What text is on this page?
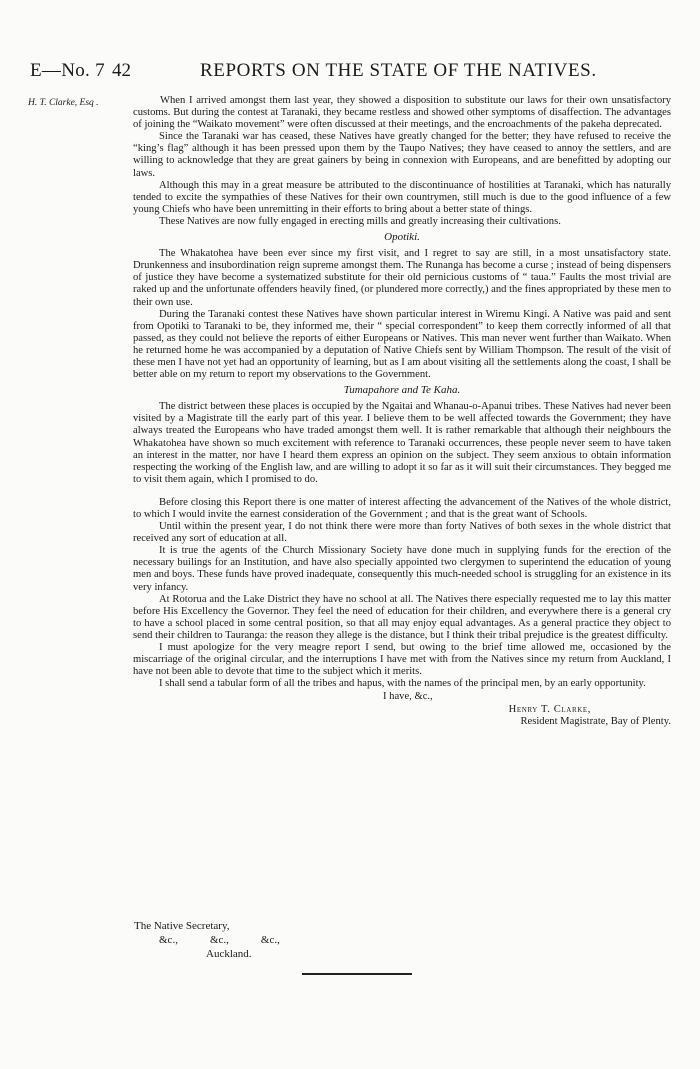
E—No. 7 42	REPORTS ON THE STATE OF THE NATIVES.
H. T. Clarke, Esq .	When I arrived amongst them last year, they showed a disposition to substitute our laws for their own unsatisfactory customs. But during the contest at Taranaki, they became restless and showed other symptoms of disaffection. The advantages of joining the “Waikato movement” were often discussed at their meetings, and the encroachments of the pakeha deprecated.

Since the Taranaki war has ceased, these Natives have greatly changed for the better; they have refused to receive the “king’s flag” although it has been pressed upon them by the Taupo Natives; they have ceased to annoy the settlers, and are willing to acknowledge that they are great gainers by being in connexion with Europeans, and are benefitted by adopting our laws.

Although this may in a great measure be attributed to the discontinuance of hostilities at Taranaki, which has naturally tended to excite the sympathies of these Natives for their own countrymen, still much is due to the good influence of a few young Chiefs who have been unremitting in their efforts to bring about a better state of things.

These Natives are now fully engaged in erecting mills and greatly increasing their cultivations.

Opotiki.

The Whakatohea have been ever since my first visit, and I regret to say are still, in a most unsatisfactory state. Drunkenness and insubordination reign supreme amongst them. The Runanga has become a curse ; instead of being dispensers of justice they have become a systematized substitute for their old pernicious customs of “ taua.” Faults the most trivial are raked up and the unfortunate offenders heavily fined, (or plundered more correctly,) and the fines appropriated by these men to their own use.

During the Taranaki contest these Natives have shown particular interest in Wiremu Kingi. A Native was paid and sent from Opotiki to Taranaki to be, they informed me, their “ special correspondent” to keep them correctly informed of all that passed, as they could not believe the reports of either Europeans or Natives. This man never went further than Waikato. When he returned home he was accompanied by a deputation of Native Chiefs sent by William Thompson. The result of the visit of these men I have not yet had an opportunity of learning, but as I am about visiting all the settlements along the coast, I shall be better able on my return to report my observations to the Government.

Tumapahore and Te Kaha.

The district between these places is occupied by the Ngaitai and Whanau-o-Apanui tribes. These Natives had never been visited by a Magistrate till the early part of this year. I believe them to be well affected towards the Government; they have always treated the Europeans who have traded amongst them well. It is rather remarkable that although their neighbours the Whakatohea have shown so much excitement with reference to Taranaki occurrences, these people never seem to have taken an interest in the matter, nor have I heard them express an opinion on the subject. They seem anxious to obtain information respecting the working of the English law, and are willing to adopt it so far as it will suit their circumstances. They begged me to visit them again, which I promised to do.

Before closing this Report there is one matter of interest affecting the advancement of the Natives of the whole district, to which I would invite the earnest consideration of the Government ; and that is the great want of Schools.

Until within the present year, I do not think there were more than forty Natives of both sexes in the whole district that received any sort of education at all.

It is true the agents of the Church Missionary Society have done much in supplying funds for the erection of the necessary builings for an Institution, and have also specially appointed two clergymen to superintend the education of young men and boys. These funds have proved inadequate, consequently this much-needed school is struggling for an existence in its very infancy.

At Rotorua and the Lake District they have no school at all. The Natives there especially requested me to lay this matter before His Excellency the Governor. They feel the need of education for their children, and everywhere there is a general cry to have a school placed in some central position, so that all may enjoy equal advantages. As a general practice they object to send their children to Tauranga: the reason they allege is the distance, but I think their tribal prejudice is the greatest difficulty.

I must apologize for the very meagre report I send, but owing to the brief time allowed me, occasioned by the miscarriage of the original circular, and the interruptions I have met with from the Natives since my return from Auckland, I have not been able to devote that time to the subject which it merits.

I shall send a tabular form of all the tribes and hapus, with the names of the principal men, by an early opportunity.

I have, &c.,
Henry T. Clarke,
Resident Magistrate, Bay of Plenty.
The Native Secretary,
&c.,	&c.,	&c.,
Auckland.
